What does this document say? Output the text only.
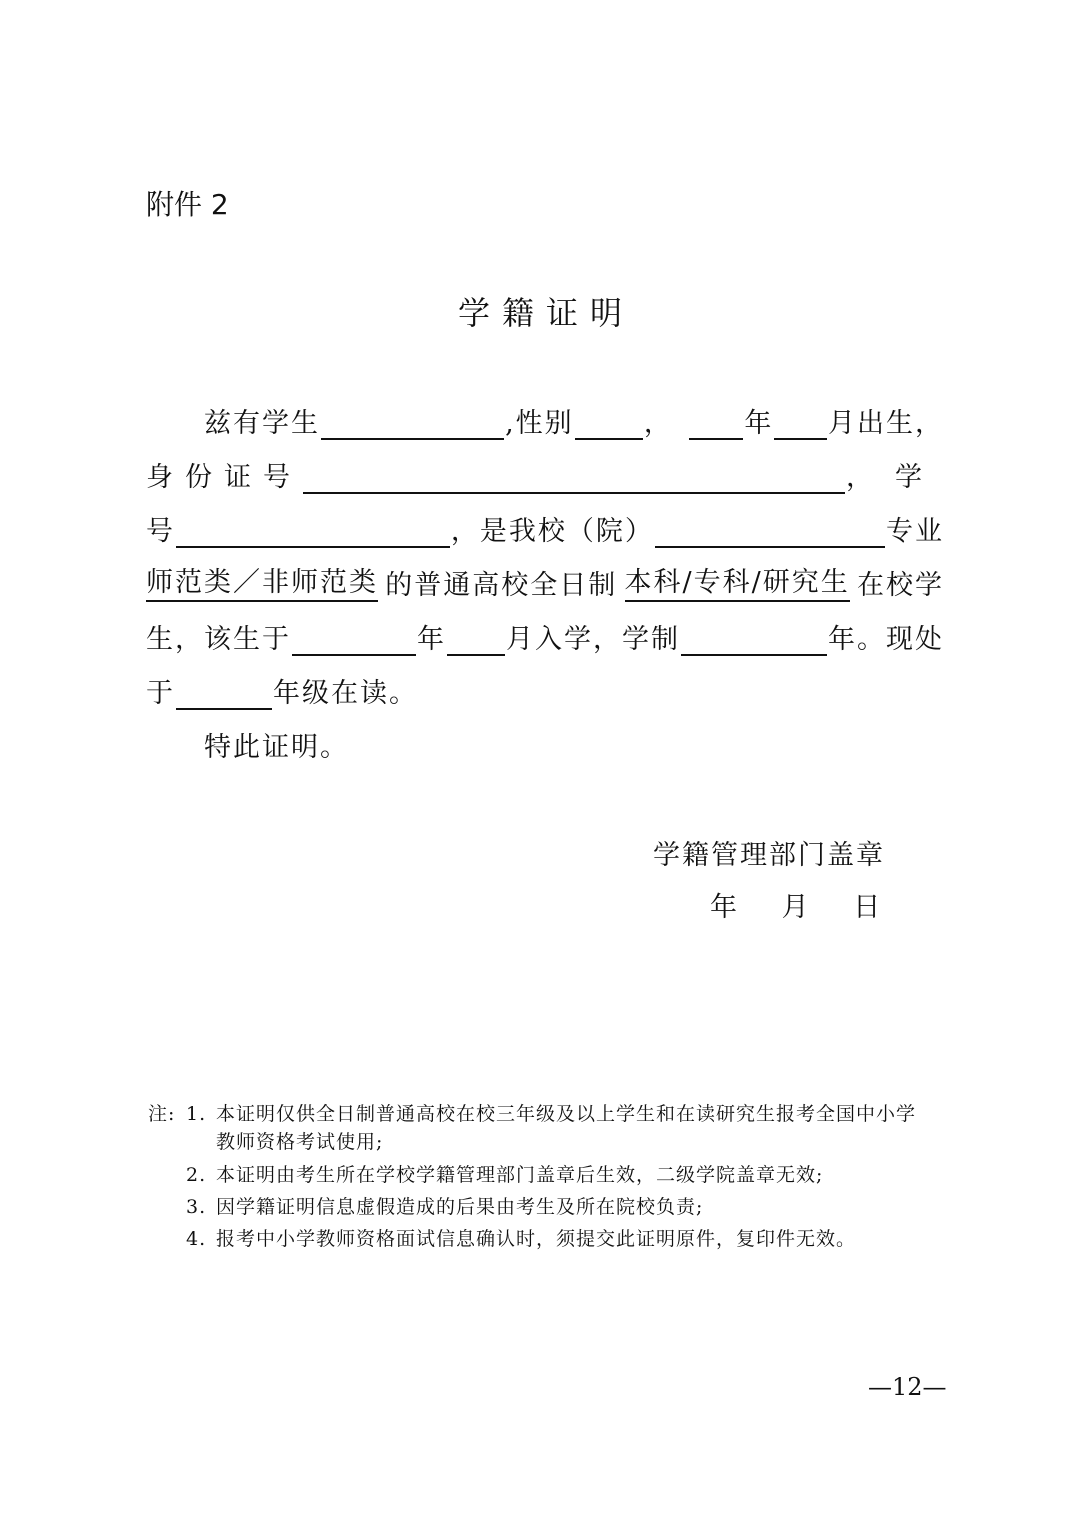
附件 2
学籍证明
兹有学生	,性别	，	年 月出生，
身份证号	，学
号	，是我校（院）	专业
师范类／非师范类 的普通高校全日制 本科/专科/研究生 在校学
生，该生于	年 月入学，学制	年。现处
于	年级在读。
特此证明。
学籍管理部门盖章
年 月 日
注: 1. 本证明仅供全日制普通高校在校三年级及以上学生和在读研究生报考全国中小学
教师资格考试使用;
2. 本证明由考生所在学校学籍管理部门盖章后生效，二级学院盖章无效;
3. 因学籍证明信息虚假造成的后果由考生及所在院校负责;
4. 报考中小学教师资格面试信息确认时，须提交此证明原件，复印件无效。
—12—
